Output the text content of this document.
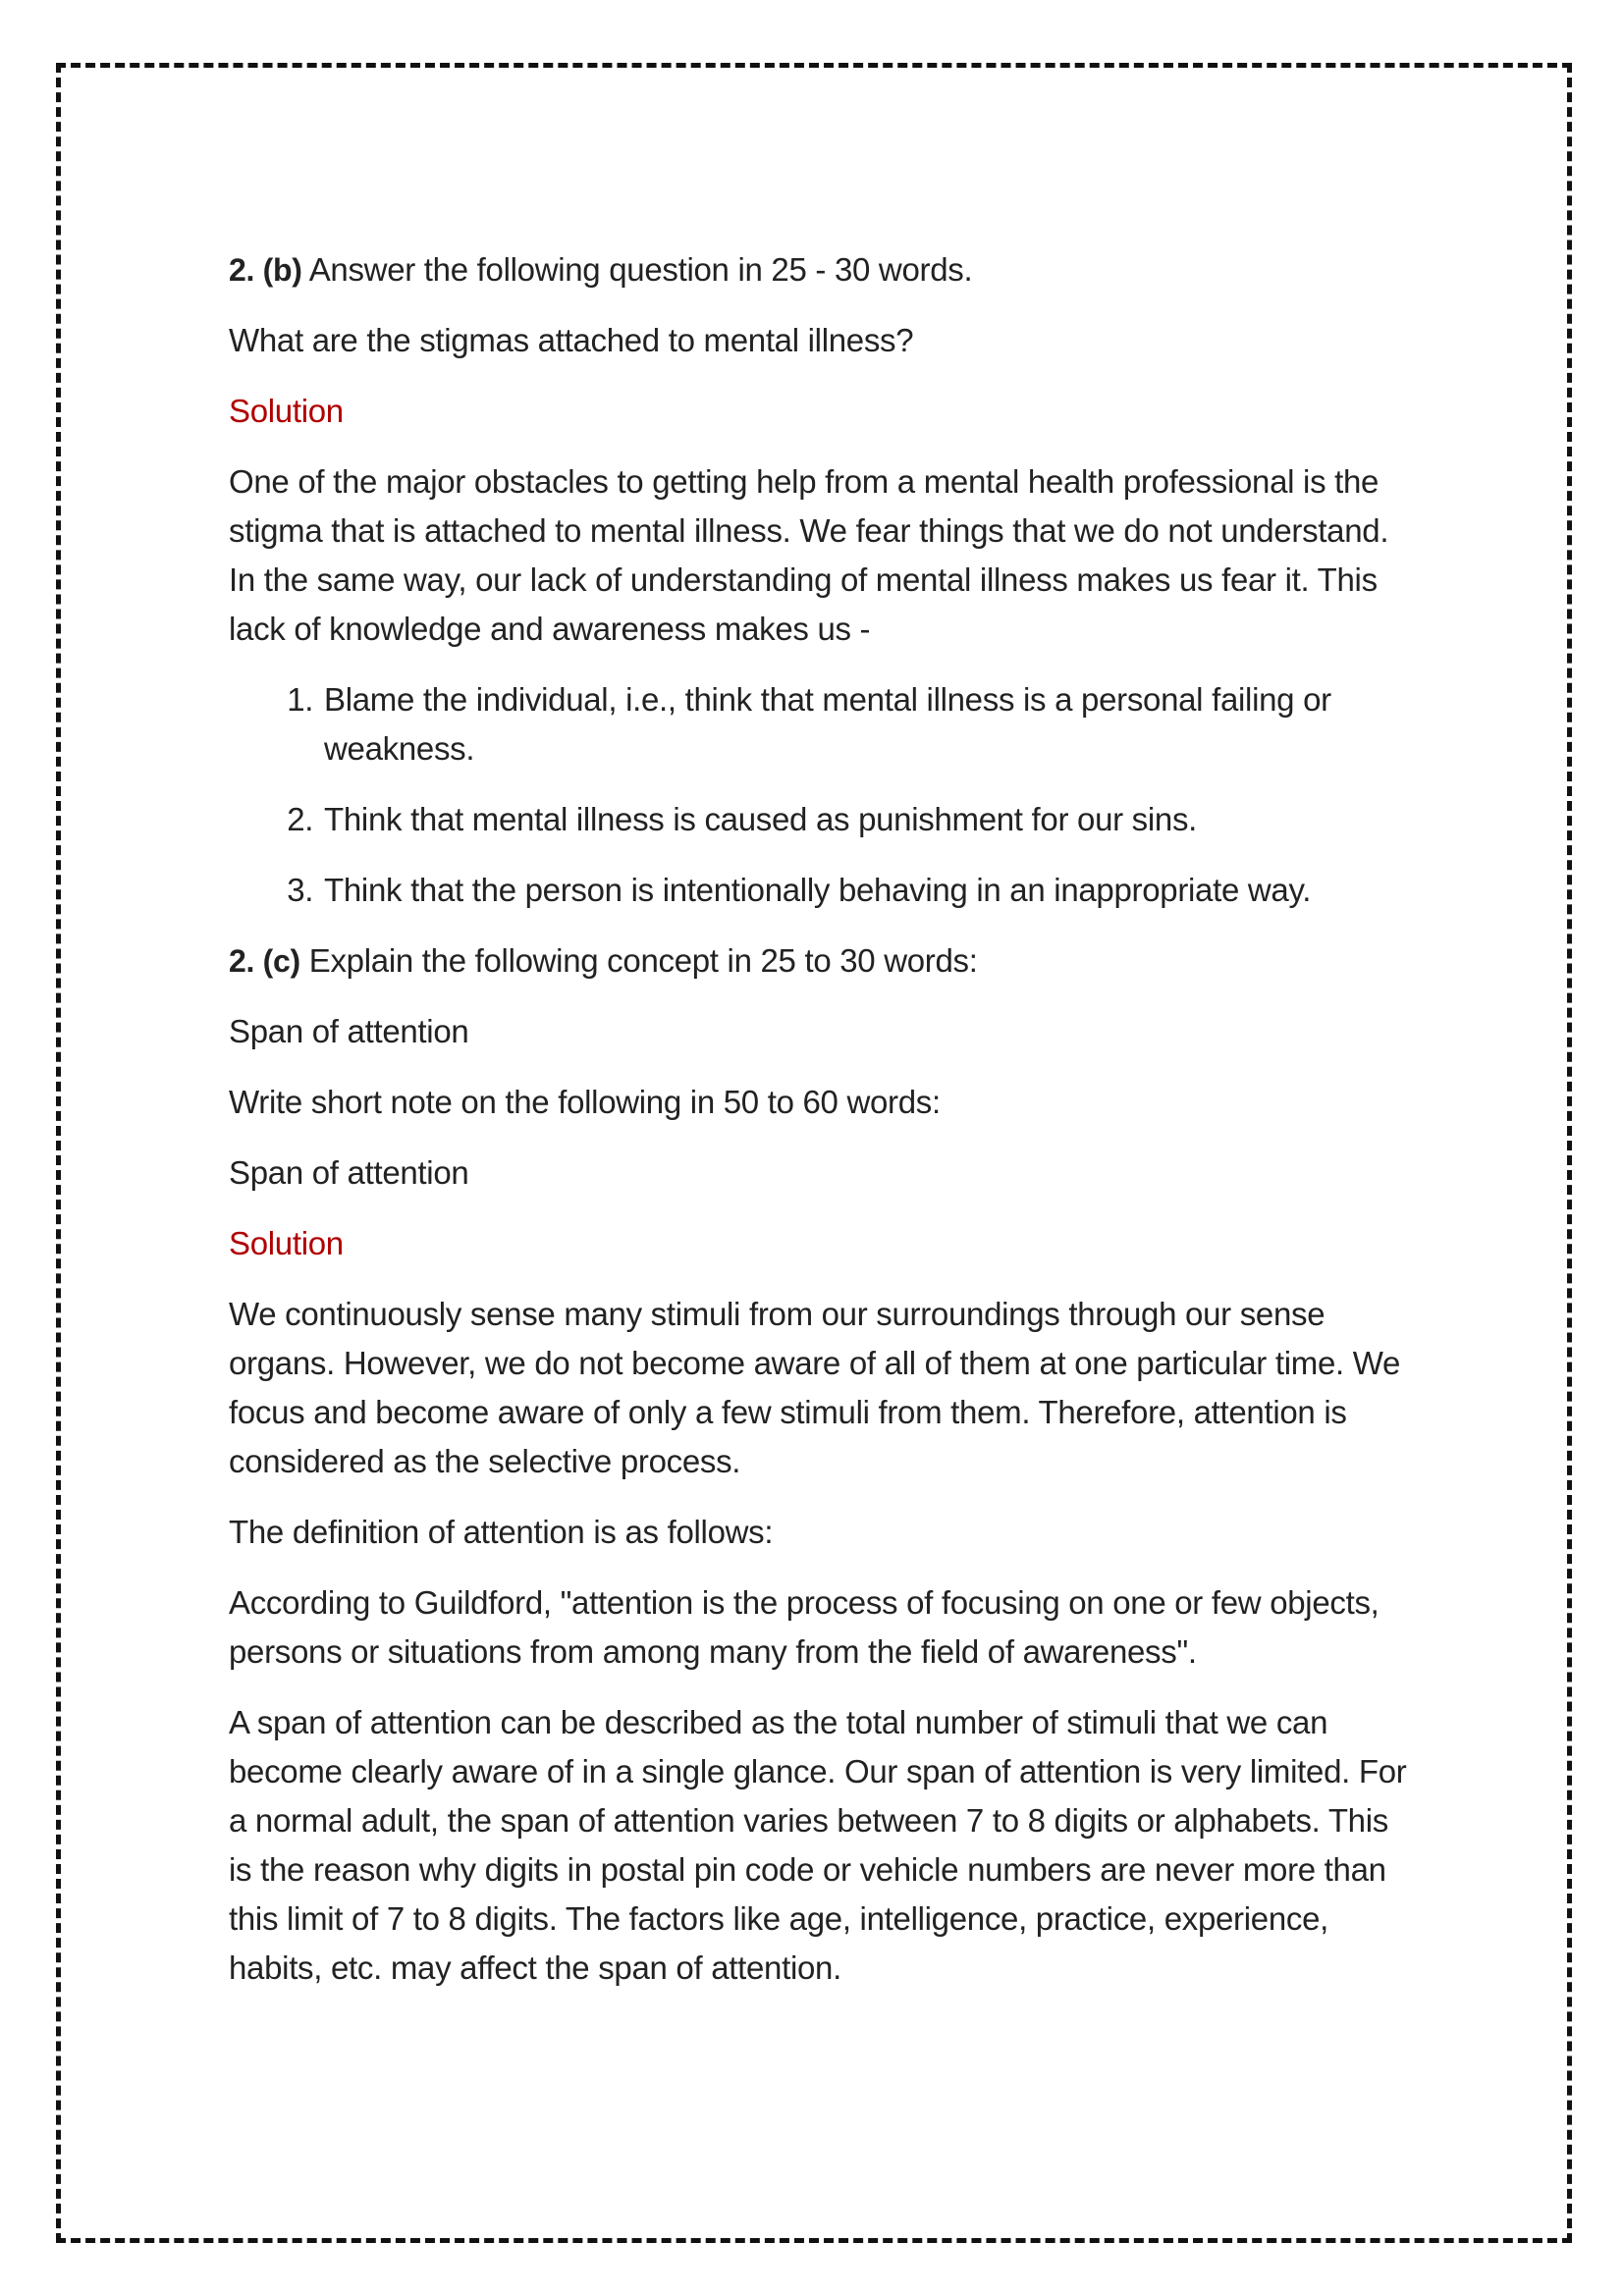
2. (b) Answer the following question in 25 - 30 words.

What are the stigmas attached to mental illness?

Solution

One of the major obstacles to getting help from a mental health professional is the stigma that is attached to mental illness. We fear things that we do not understand. In the same way, our lack of understanding of mental illness makes us fear it. This lack of knowledge and awareness makes us -

1. Blame the individual, i.e., think that mental illness is a personal failing or weakness.
2. Think that mental illness is caused as punishment for our sins.
3. Think that the person is intentionally behaving in an inappropriate way.

2. (c) Explain the following concept in 25 to 30 words:

Span of attention

Write short note on the following in 50 to 60 words:

Span of attention

Solution

We continuously sense many stimuli from our surroundings through our sense organs. However, we do not become aware of all of them at one particular time. We focus and become aware of only a few stimuli from them. Therefore, attention is considered as the selective process.

The definition of attention is as follows:

According to Guildford, "attention is the process of focusing on one or few objects, persons or situations from among many from the field of awareness".

A span of attention can be described as the total number of stimuli that we can become clearly aware of in a single glance. Our span of attention is very limited. For a normal adult, the span of attention varies between 7 to 8 digits or alphabets. This is the reason why digits in postal pin code or vehicle numbers are never more than this limit of 7 to 8 digits. The factors like age, intelligence, practice, experience, habits, etc. may affect the span of attention.
